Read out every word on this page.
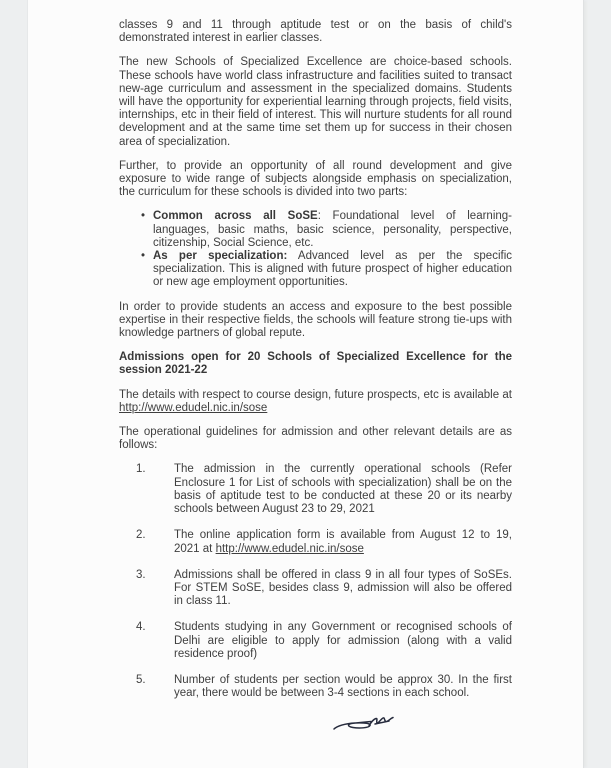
classes 9 and 11 through aptitude test or on the basis of child's demonstrated interest in earlier classes.

The new Schools of Specialized Excellence are choice-based schools. These schools have world class infrastructure and facilities suited to transact new-age curriculum and assessment in the specialized domains. Students will have the opportunity for experiential learning through projects, field visits, internships, etc in their field of interest. This will nurture students for all round development and at the same time set them up for success in their chosen area of specialization.

Further, to provide an opportunity of all round development and give exposure to wide range of subjects alongside emphasis on specialization, the curriculum for these schools is divided into two parts:

• Common across all SoSE: Foundational level of learning- languages, basic maths, basic science, personality, perspective, citizenship, Social Science, etc.

• As per specialization: Advanced level as per the specific specialization. This is aligned with future prospect of higher education or new age employment opportunities.

In order to provide students an access and exposure to the best possible expertise in their respective fields, the schools will feature strong tie-ups with knowledge partners of global repute.

Admissions open for 20 Schools of Specialized Excellence for the session 2021-22

The details with respect to course design, future prospects, etc is available at http://www.edudel.nic.in/sose

The operational guidelines for admission and other relevant details are as follows:

1.	The admission in the currently operational schools (Refer Enclosure 1 for List of schools with specialization) shall be on the basis of aptitude test to be conducted at these 20 or its nearby schools between August 23 to 29, 2021

2.	The online application form is available from August 12 to 19, 2021 at http://www.edudel.nic.in/sose

3.	Admissions shall be offered in class 9 in all four types of SoSEs. For STEM SoSE, besides class 9, admission will also be offered in class 11.

4.	Students studying in any Government or recognised schools of Delhi are eligible to apply for admission (along with a valid residence proof)

5.	Number of students per section would be approx 30. In the first year, there would be between 3-4 sections in each school.
